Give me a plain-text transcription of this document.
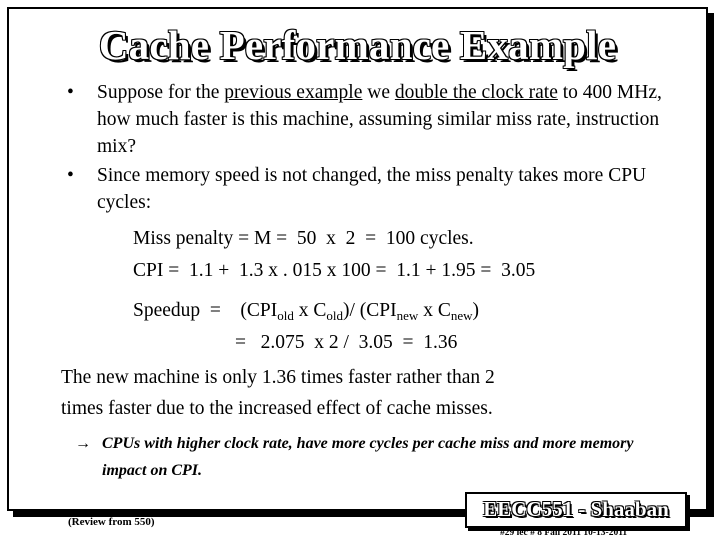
Cache Performance Example
• Suppose for the previous example we double the clock rate to 400 MHz, how much faster is this machine, assuming similar miss rate, instruction mix?
• Since memory speed is not changed, the miss penalty takes more CPU cycles:
Miss penalty = M =  50  x  2  =  100 cycles.
CPI =  1.1 +  1.3 x . 015 x 100 =  1.1 + 1.95 =  3.05
Speedup  =    ($CPI_{old}$ x $C_{old})/$ ($CPI_{new}$ x $C_{new}$)
=   2.075  x 2 /  3.05  =  1.36
The new machine is only 1.36 times faster rather than 2
times faster due to the increased effect of cache misses.
→ CPUs with higher clock rate, have more cycles per cache miss and more memory impact on CPI.
(Review from 550)
EECC551 - Shaaban
#29 lec # 8 Fall 2011 10-13-2011
